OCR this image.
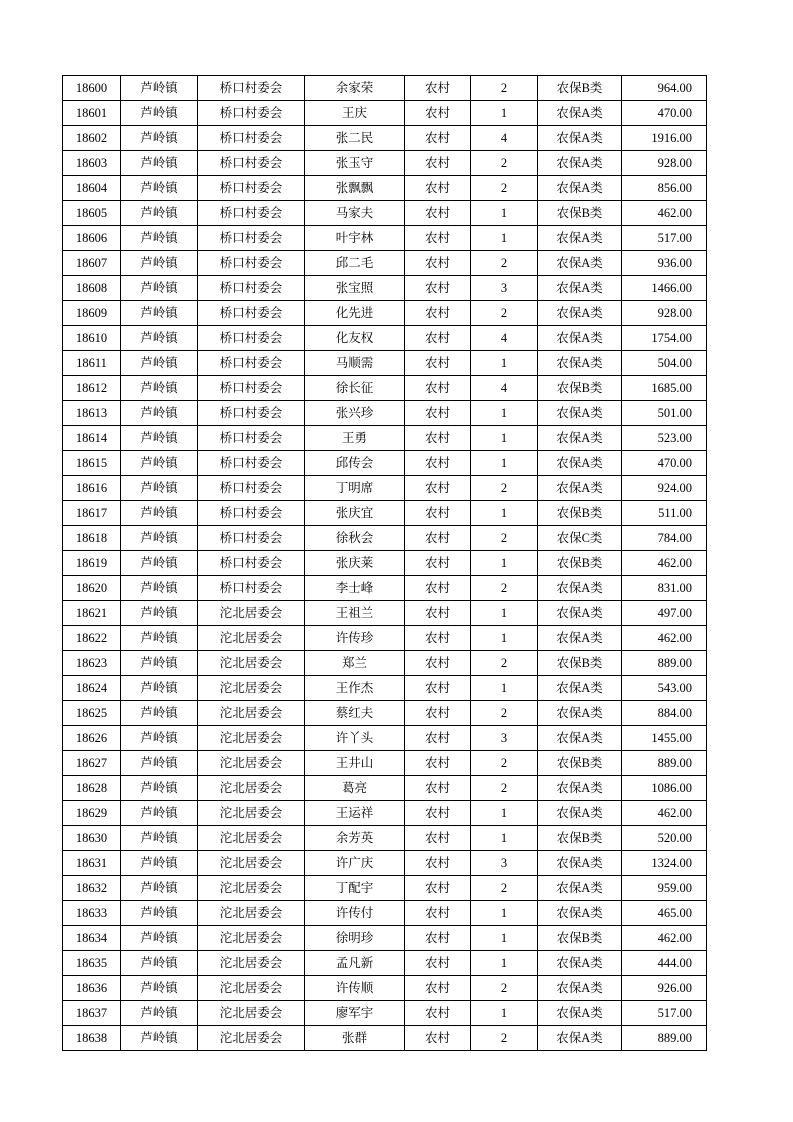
18600	芦岭镇	桥口村委会	余家荣	农村	2	农保B类	964.00
18601	芦岭镇	桥口村委会	王庆	农村	1	农保A类	470.00
18602	芦岭镇	桥口村委会	张二民	农村	4	农保A类	1916.00
18603	芦岭镇	桥口村委会	张玉守	农村	2	农保A类	928.00
18604	芦岭镇	桥口村委会	张飘飘	农村	2	农保A类	856.00
18605	芦岭镇	桥口村委会	马家夫	农村	1	农保B类	462.00
18606	芦岭镇	桥口村委会	叶宇林	农村	1	农保A类	517.00
18607	芦岭镇	桥口村委会	邱二毛	农村	2	农保A类	936.00
18608	芦岭镇	桥口村委会	张宝照	农村	3	农保A类	1466.00
18609	芦岭镇	桥口村委会	化先进	农村	2	农保A类	928.00
18610	芦岭镇	桥口村委会	化友权	农村	4	农保A类	1754.00
18611	芦岭镇	桥口村委会	马顺需	农村	1	农保A类	504.00
18612	芦岭镇	桥口村委会	徐长征	农村	4	农保B类	1685.00
18613	芦岭镇	桥口村委会	张兴珍	农村	1	农保A类	501.00
18614	芦岭镇	桥口村委会	王勇	农村	1	农保A类	523.00
18615	芦岭镇	桥口村委会	邱传会	农村	1	农保A类	470.00
18616	芦岭镇	桥口村委会	丁明席	农村	2	农保A类	924.00
18617	芦岭镇	桥口村委会	张庆宜	农村	1	农保B类	511.00
18618	芦岭镇	桥口村委会	徐秋会	农村	2	农保C类	784.00
18619	芦岭镇	桥口村委会	张庆莱	农村	1	农保B类	462.00
18620	芦岭镇	桥口村委会	李士峰	农村	2	农保A类	831.00
18621	芦岭镇	沱北居委会	王祖兰	农村	1	农保A类	497.00
18622	芦岭镇	沱北居委会	许传珍	农村	1	农保A类	462.00
18623	芦岭镇	沱北居委会	郑兰	农村	2	农保B类	889.00
18624	芦岭镇	沱北居委会	王作杰	农村	1	农保A类	543.00
18625	芦岭镇	沱北居委会	蔡红夫	农村	2	农保A类	884.00
18626	芦岭镇	沱北居委会	许丫头	农村	3	农保A类	1455.00
18627	芦岭镇	沱北居委会	王井山	农村	2	农保B类	889.00
18628	芦岭镇	沱北居委会	葛亮	农村	2	农保A类	1086.00
18629	芦岭镇	沱北居委会	王运祥	农村	1	农保A类	462.00
18630	芦岭镇	沱北居委会	余芳英	农村	1	农保B类	520.00
18631	芦岭镇	沱北居委会	许广庆	农村	3	农保A类	1324.00
18632	芦岭镇	沱北居委会	丁配宇	农村	2	农保A类	959.00
18633	芦岭镇	沱北居委会	许传付	农村	1	农保A类	465.00
18634	芦岭镇	沱北居委会	徐明珍	农村	1	农保B类	462.00
18635	芦岭镇	沱北居委会	孟凡新	农村	1	农保A类	444.00
18636	芦岭镇	沱北居委会	许传顺	农村	2	农保A类	926.00
18637	芦岭镇	沱北居委会	廖军宇	农村	1	农保A类	517.00
18638	芦岭镇	沱北居委会	张群	农村	2	农保A类	889.00
